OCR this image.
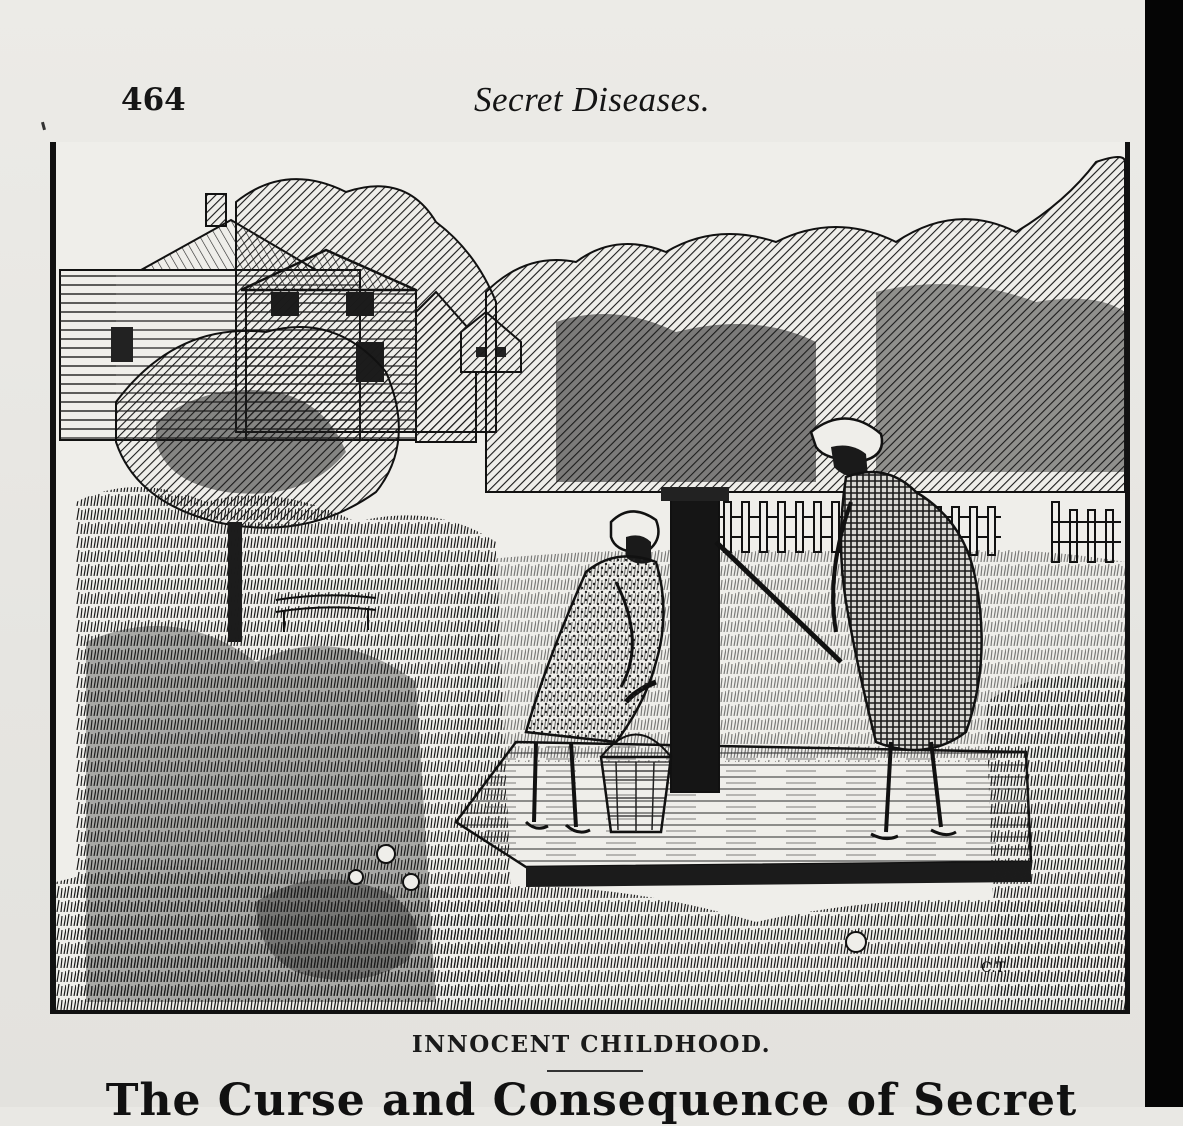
464	Secret Diseases.
C.T.
INNOCENT CHILDHOOD.
The Curse and Consequence of Secret
